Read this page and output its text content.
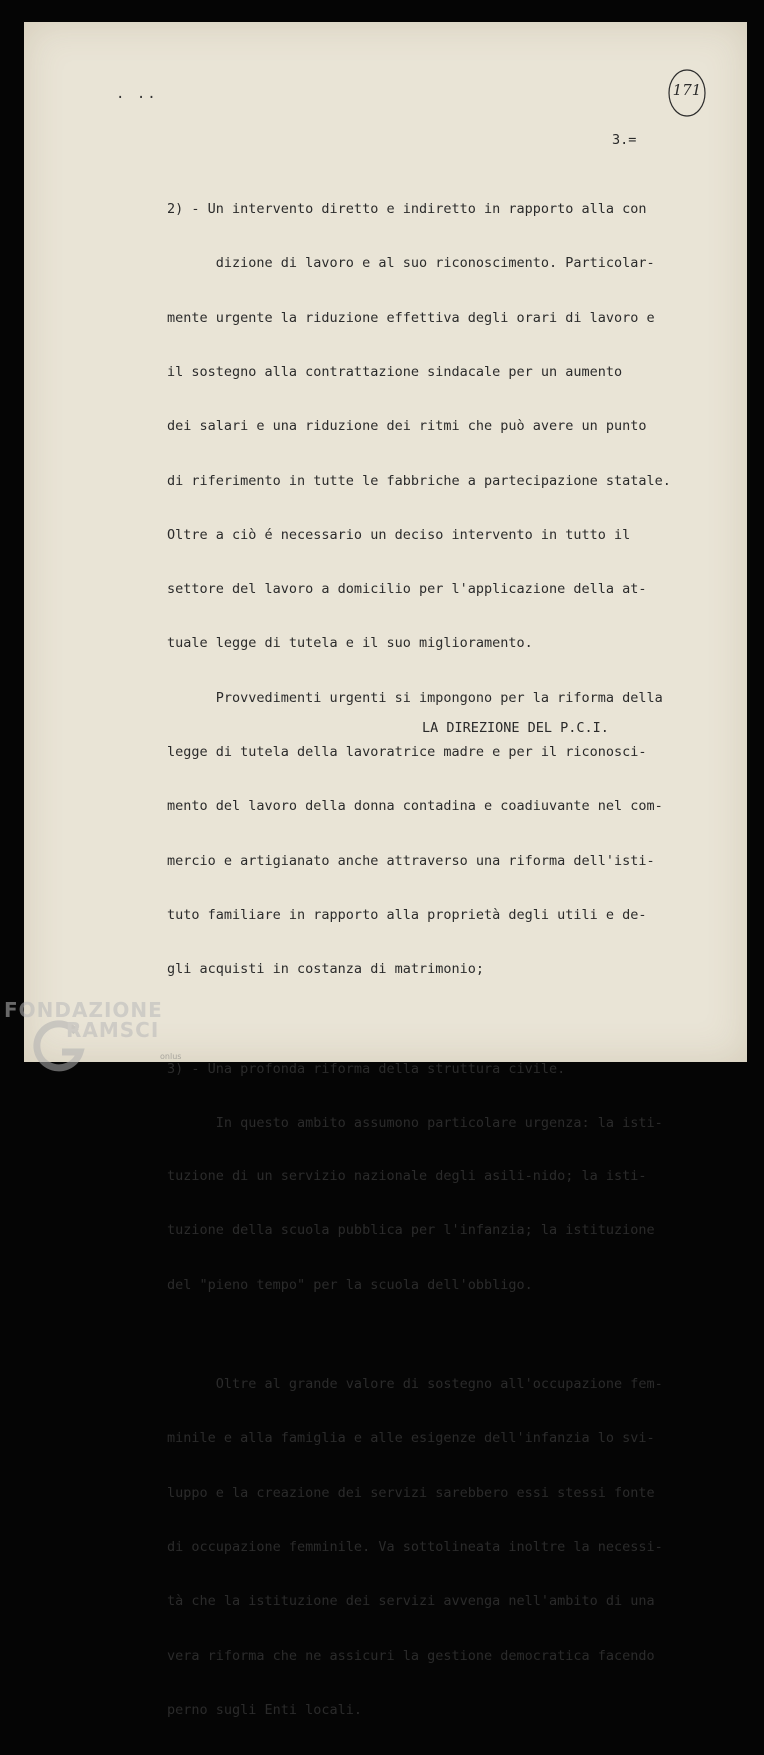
. ..	171
3.=

2) - Un intervento diretto e indiretto in rapporto alla con

dizione di lavoro e al suo riconoscimento. Particolar-

mente urgente la riduzione effettiva degli orari di lavoro e

il sostegno alla contrattazione sindacale per un aumento

dei salari e una riduzione dei ritmi che può avere un punto

di riferimento in tutte le fabbriche a partecipazione statale.

Oltre a ciò é necessario un deciso intervento in tutto il

settore del lavoro a domicilio per l'applicazione della at-

tuale legge di tutela e il suo miglioramento.

Provvedimenti urgenti si impongono per la riforma della

legge di tutela della lavoratrice madre e per il riconosci-

mento del lavoro della donna contadina e coadiuvante nel com-

mercio e artigianato anche attraverso una riforma dell'isti-

tuto familiare in rapporto alla proprietà degli utili e de-

gli acquisti in costanza di matrimonio;

3) - Una profonda riforma della struttura civile.

In questo ambito assumono particolare urgenza: la isti-

tuzione di un servizio nazionale degli asili-nido; la isti-

tuzione della scuola pubblica per l'infanzia; la istituzione

del "pieno tempo" per la scuola dell'obbligo.

Oltre al grande valore di sostegno all'occupazione fem-

minile e alla famiglia e alle esigenze dell'infanzia lo svi-

luppo e la creazione dei servizi sarebbero essi stessi fonte

di occupazione femminile. Va sottolineata inoltre la necessi-

tà che la istituzione dei servizi avvenga nell'ambito di una

vera riforma che ne assicuri la gestione democratica facendo

perno sugli Enti locali.

LA DIREZIONE DEL P.C.I.
FONDAZIONE
RAMSCI
onlus
